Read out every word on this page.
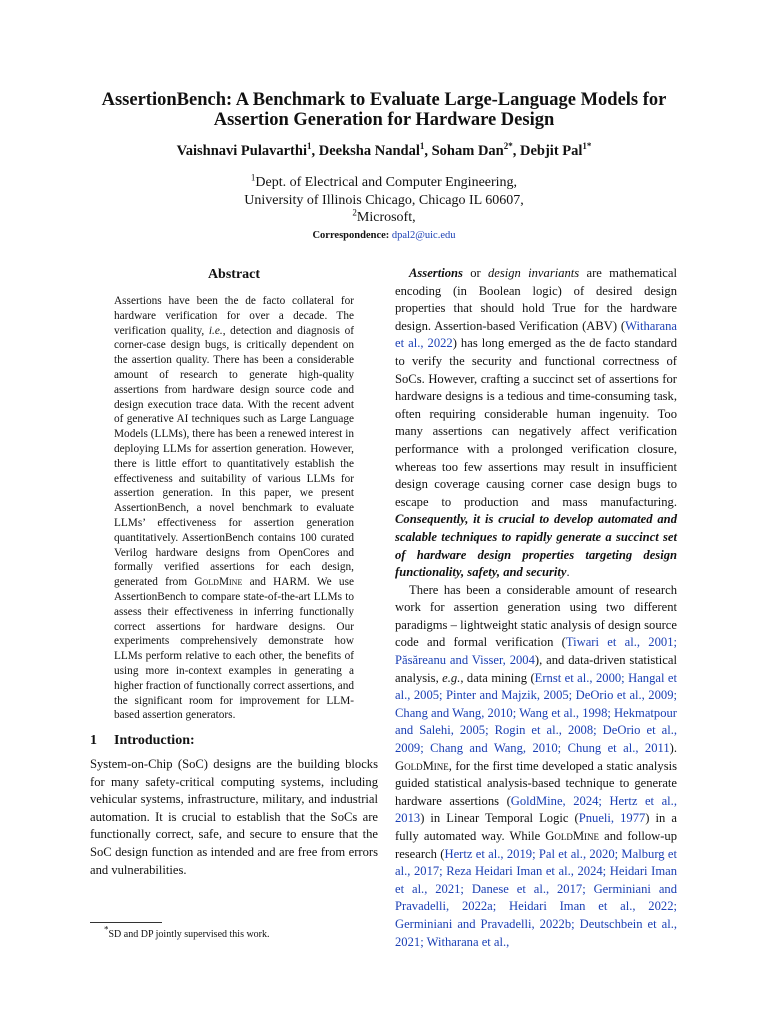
AssertionBench: A Benchmark to Evaluate Large-Language Models for
Assertion Generation for Hardware Design
Vaishnavi Pulavarthi$^1$, Deeksha Nandal$^1$, Soham Dan$^{2*}$, Debjit Pal$^{1*}$
$^1$Dept. of Electrical and Computer Engineering,
University of Illinois Chicago, Chicago IL 60607,
$^2$Microsoft,
Correspondence: dpal2@uic.edu
Abstract
Assertions have been the de facto collateral for hardware verification for over a decade. The verification quality, i.e., detection and diagnosis of corner-case design bugs, is critically dependent on the assertion quality. There has been a considerable amount of research to generate high-quality assertions from hardware design source code and design execution trace data. With the recent advent of generative AI techniques such as Large Language Models (LLMs), there has been a renewed interest in deploying LLMs for assertion generation. However, there is little effort to quantitatively establish the effectiveness and suitability of various LLMs for assertion generation. In this paper, we present AssertionBench, a novel benchmark to evaluate LLMs’ effectiveness for assertion generation quantitatively. AssertionBench contains 100 curated Verilog hardware designs from OpenCores and formally verified assertions for each design, generated from GoldMine and HARM. We use AssertionBench to compare state-of-the-art LLMs to assess their effectiveness in inferring functionally correct assertions for hardware designs. Our experiments comprehensively demonstrate how LLMs perform relative to each other, the benefits of using more in-context examples in generating a higher fraction of functionally correct assertions, and the significant room for improvement for LLM-based assertion generators.
1 Introduction:
System-on-Chip (SoC) designs are the building blocks for many safety-critical computing systems, including vehicular systems, infrastructure, military, and industrial automation. It is crucial to establish that the SoCs are functionally correct, safe, and secure to ensure that the SoC design function as intended and are free from errors and vulnerabilities.
*SD and DP jointly supervised this work.

Assertions or design invariants are mathematical encoding (in Boolean logic) of desired design properties that should hold True for the hardware design. Assertion-based Verification (ABV) (Witharana et al., 2022) has long emerged as the de facto standard to verify the security and functional correctness of SoCs. However, crafting a succinct set of assertions for hardware designs is a tedious and time-consuming task, often requiring considerable human ingenuity. Too many assertions can negatively affect verification performance with a prolonged verification closure, whereas too few assertions may result in insufficient design coverage causing corner case design bugs to escape to production and mass manufacturing. Consequently, it is crucial to develop automated and scalable techniques to rapidly generate a succinct set of hardware design properties targeting design functionality, safety, and security.

There has been a considerable amount of research work for assertion generation using two different paradigms – lightweight static analysis of design source code and formal verification (Tiwari et al., 2001; Păsăreanu and Visser, 2004), and data-driven statistical analysis, e.g., data mining (Ernst et al., 2000; Hangal et al., 2005; Pinter and Majzik, 2005; DeOrio et al., 2009; Chang and Wang, 2010; Wang et al., 1998; Hekmatpour and Salehi, 2005; Rogin et al., 2008; DeOrio et al., 2009; Chang and Wang, 2010; Chung et al., 2011). GoldMine, for the first time developed a static analysis guided statistical analysis-based technique to generate hardware assertions (GoldMine, 2024; Hertz et al., 2013) in Linear Temporal Logic (Pnueli, 1977) in a fully automated way. While GoldMine and follow-up research (Hertz et al., 2019; Pal et al., 2020; Malburg et al., 2017; Reza Heidari Iman et al., 2024; Heidari Iman et al., 2021; Danese et al., 2017; Germiniani and Pravadelli, 2022a; Heidari Iman et al., 2022; Germiniani and Pravadelli, 2022b; Deutschbein et al., 2021; Witharana et al.,
